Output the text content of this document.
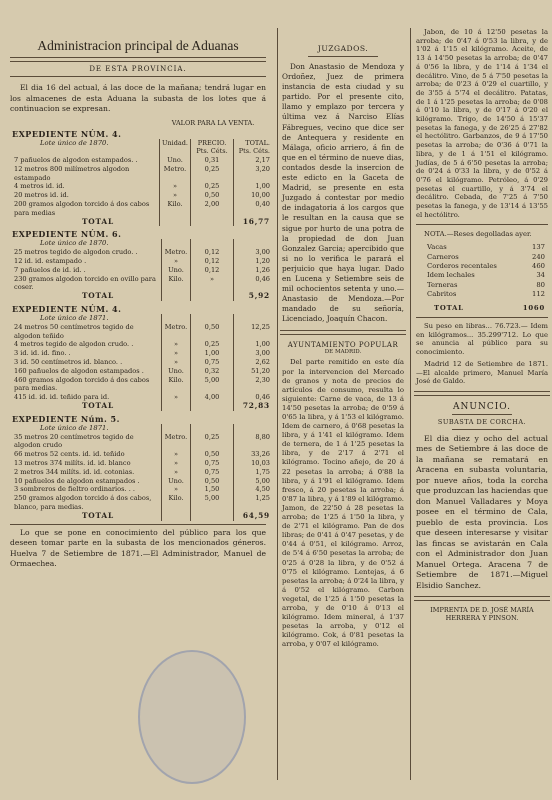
Administracion principal de Aduanas
DE ESTA PROVINCIA.
El dia 16 del actual, á las doce de la mañana; tendrá lugar en los almacenes de esta Aduana la subasta de los lotes que á continuacion se expresan.
VALOR PARA LA VENTA.
EXPEDIENTE NÚM. 4.
Lote único de 1870.	Unidad.	PRECIO.
Pts. Céts.	TOTAL.
Pts. Céts.
7 pañuelos de algodon estampados. .	Uno.	0,31	2,17
12 metros 800 milímetros algodon estampado	Metro.	0,25	3,20
4 metros id. id.	»	0,25	1,00
20 metros id. id.	»	0,50	10,00
200 gramos algodon torcido á dos cabos para medias	Kilo.	2,00	0,40
TOTAL			16,77
EXPEDIENTE NÚM. 6.
Lote único de 1870.			
25 metros tegido de algodon crudo. .	Metro.	0,12	3,00
12 id. id. estampado .	»	0,12	1,20
7 pañuelos de id. id. .	Uno.	0,12	1,26
230 gramos algodon torcido en ovillo para coser.	Kilo.	»	0,46
TOTAL			5,92
EXPEDIENTE NÚM. 4.
Lote único de 1871.			
24 metros 50 centímetros tegido de algodon teñido	Metro.	0,50	12,25
4 metros tegido de algodon crudo. .	»	0,25	1,00
3 id. id. id. fino. .	»	1,00	3,00
3 id. 50 centímetros id. blanco. .	»	0,75	2,62
160 pañuelos de algodon estampados .	Uno.	0,32	51,20
460 gramos algodon torcido á dos cabos para medias.	Kilo.	5,00	2,30
415 id. id. id. teñido para id.	»	4,00	0,46
TOTAL			72,83
EXPEDIENTE Núm. 5.
Lote único de 1871.			
35 metros 20 centímetros tegido de algodon crudo	Metro.	0,25	8,80
66 metros 52 cents. id. id. teñido	»	0,50	33,26
13 metros 374 milíts. id. id. blanco	»	0,75	10,03
2 metros 344 milíts. id. id. cotonias.	»	0,75	1,75
10 pañuelos de algodon estampados .	Uno.	0,50	5,00
3 sombreros de fieltro ordinarios. . .	»	1,50	4,50
250 gramos algodon torcido á dos cabos, blanco, para medias.	Kilo.	5,00	1,25
TOTAL			64,59
Lo que se pone en conocimiento del público para los que deseen tomar parte en la subasta de los mencionados géneros. Huelva 7 de Setiembre de 1871.—El Administrador, Manuel de Ormaechea.
JUZGADOS.
Don Anastasio de Mendoza y Ordoñez, Juez de primera instancia de esta ciudad y su partido. Por el presente cito, llamo y emplazo por tercera y última vez á Narciso Elías Fábregues, vecino que dice ser de Antequera y residente en Málaga, oficio arriero, á fin de que en el término de nueve dias, contados desde la insercion de este edicto en la Gaceta de Madrid, se presente en esta Juzgado á contestar por medio de indagatoria á los cargos que le resultan en la causa que se sigue por hurto de una potra de la propiedad de don Juan Gonzalez Garcia; apercibido que si no lo verifica le parará el perjuicio que haya lugar. Dado en Lucena y Setiembre seis de mil ochocientos setenta y uno.—Anastasio de Mendoza.—Por mandado de su señoría, Licenciado, Joaquín Chacon.
AYUNTAMIENTO POPULAR
DE MADRID.
Del parte remitido en este día por la intervencion del Mercado de granos y nota de precios de artículos de consumo, resulta lo siguiente: Carne de vaca, de 13 á 14'50 pesetas la arroba; de 0'59 á 0'65 la libra, y á 1'53 el kilógramo. Idem de carnero, á 0'68 pesetas la libra, y á 1'41 el kilógramo. Idem de ternera, de 1 á 1'25 pesetas la libra, y de 2'17 á 2'71 el kilógramo. Tocino añejo, de 20 á 22 pesetas la arroba; á 0'88 la libra, y á 1'91 el kilógramo. Idem fresco, á 20 pesetas la arroba; á 0'87 la libra, y á 1'89 el kilógramo. Jamon, de 22'50 á 28 pesetas la arroba; de 1'25 á 1'50 la libra, y de 2'71 el kilógramo. Pan de dos libras; de 0'41 á 0'47 pesetas, y de 0'44 á 0'51, el kilógramo. Arroz, de 5'4 á 6'50 pesetas la arroba; de 0'25 á 0'28 la libra, y de 0'52 á 0'75 el kilógramo. Lentejas, á 6 pesetas la arroba; á 0'24 la libra, y á 0'52 el kilógramo. Carbon vegetal, de 1'25 á 1'50 pesetas la arroba, y de 0'10 á 0'13 el kilógramo. Idem mineral, á 1'37 pesetas la arroba, y 0'12 el kilógramo. Cok, á 0'81 pesetas la arroba, y 0'07 el kilógramo.
Jabon, de 10 á 12'50 pesetas la arroba; de 0'47 á 0'53 la libra, y de 1'02 á 1'15 el kilógramo. Aceite, de 13 á 14'50 pesetas la arroba; de 0'47 á 0'56 la libra, y de 1'14 á 1'34 el decálitro. Vino, de 5 á 7'50 pesetas la arroba; de 0'23 á 0'29 el cuartillo, y de 3'55 á 5'74 el decálitro. Patatas, de 1 á 1'25 pesetas la arroba; de 0'08 á 0'10 la libra, y de 0'17 á 0'20 el kilógramo. Trigo, de 14'50 á 15'37 pesetas la fanega, y de 26'25 á 27'82 el hectólitro. Garbanzos, de 9 á 17'50 pesetas la arroba; de 0'36 á 0'71 la libra, y de 1 á 1'51 el kilógramo. Judías, de 5 á 6'50 pesetas la arroba; de 0'24 á 0'33 la libra, y de 0'52 á 0'76 el kilógramo. Petróleo, á 0'29 pesetas el cuartillo, y á 3'74 el decálitro. Cebada, de 7'25 á 7'50 pesetas la fanega, y de 13'14 á 13'55 el hectólitro.
NOTA.—Reses degolladas ayer.
Vacas	137
Carneros	240
Corderos recentales	460
Idem lechales	34
Terneras	80
Cabritos	112
TOTAL	1060
Su peso en libras... 76.723.— Idem en kilógramos... 35.299'712. Lo que se anuncia al público para su conocimiento.
Madrid 12 de Setiembre de 1871. —El alcalde primero, Manuel María José de Galdo.
ANUNCIO.
SUBASTA DE CORCHA.
El dia diez y ocho del actual mes de Setiembre á las doce de la mañana se rematará en Aracena en subasta voluntaria, por nueve años, toda la corcha que produzcan las haciendas que don Manuel Valladares y Moya posee en el término de Cala, pueblo de esta provincia. Los que deseen interesarse y visitar las fincas se avistarán en Cala con el Administrador don Juan Manuel Ortega. Aracena 7 de Setiembre de 1871.—Miguel Elsidio Sanchez.
IMPRENTA DE D. JOSÉ MARÍA HERRERA Y PINSON.
